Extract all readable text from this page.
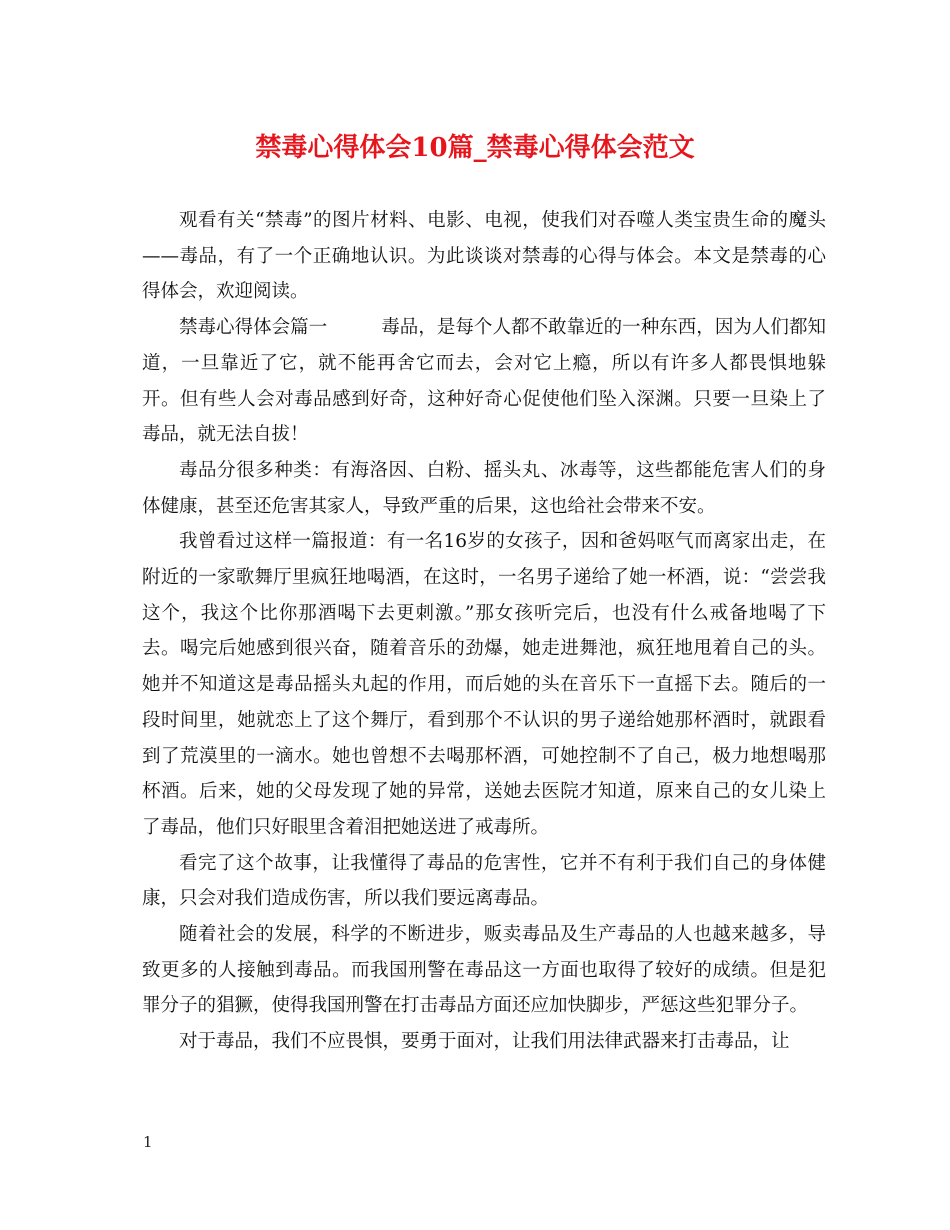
禁毒心得体会10篇_禁毒心得体会范文

观看有关“禁毒”的图片材料、电影、电视，使我们对吞噬人类宝贵生命的魔头——毒品，有了一个正确地认识。为此谈谈对禁毒的心得与体会。本文是禁毒的心得体会，欢迎阅读。

禁毒心得体会篇一	毒品，是每个人都不敢靠近的一种东西，因为人们都知道，一旦靠近了它，就不能再舍它而去，会对它上瘾，所以有许多人都畏惧地躲开。但有些人会对毒品感到好奇，这种好奇心促使他们坠入深渊。只要一旦染上了毒品，就无法自拔！

毒品分很多种类：有海洛因、白粉、摇头丸、冰毒等，这些都能危害人们的身体健康，甚至还危害其家人，导致严重的后果，这也给社会带来不安。

我曾看过这样一篇报道：有一名16岁的女孩子，因和爸妈呕气而离家出走，在附近的一家歌舞厅里疯狂地喝酒，在这时，一名男子递给了她一杯酒，说：“尝尝我这个，我这个比你那酒喝下去更刺激。”那女孩听完后，也没有什么戒备地喝了下去。喝完后她感到很兴奋，随着音乐的劲爆，她走进舞池，疯狂地甩着自己的头。她并不知道这是毒品摇头丸起的作用，而后她的头在音乐下一直摇下去。随后的一段时间里，她就恋上了这个舞厅，看到那个不认识的男子递给她那杯酒时，就跟看到了荒漠里的一滴水。她也曾想不去喝那杯酒，可她控制不了自己，极力地想喝那杯酒。后来，她的父母发现了她的异常，送她去医院才知道，原来自己的女儿染上了毒品，他们只好眼里含着泪把她送进了戒毒所。

看完了这个故事，让我懂得了毒品的危害性，它并不有利于我们自己的身体健康，只会对我们造成伤害，所以我们要远离毒品。

随着社会的发展，科学的不断进步，贩卖毒品及生产毒品的人也越来越多，导致更多的人接触到毒品。而我国刑警在毒品这一方面也取得了较好的成绩。但是犯罪分子的猖獗，使得我国刑警在打击毒品方面还应加快脚步，严惩这些犯罪分子。

对于毒品，我们不应畏惧，要勇于面对，让我们用法律武器来打击毒品，让

1
